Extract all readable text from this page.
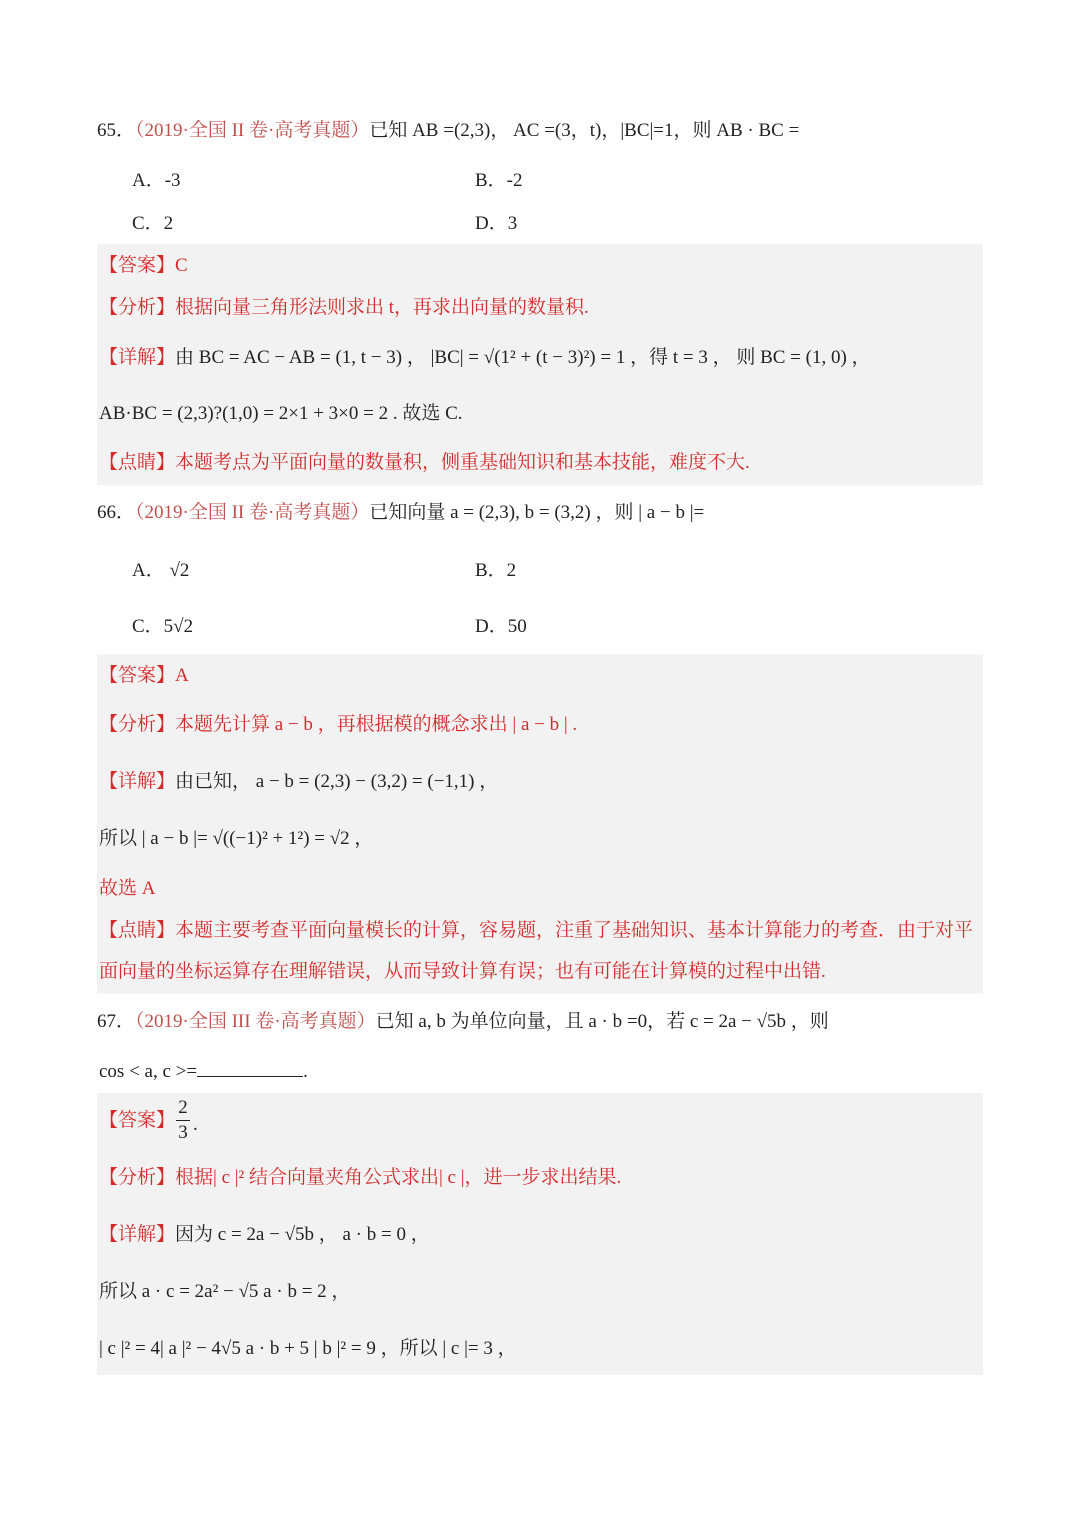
65．（2019·全国 II 卷·高考真题）已知 AB =(2,3)， AC =(3，t)，|BC|=1，则 AB · BC =
A．-3	B．-2
C．2	D．3
【答案】C
【分析】根据向量三角形法则求出 t，再求出向量的数量积.
【详解】由 BC = AC − AB = (1, t − 3) ， |BC| = √(1² + (t − 3)²) = 1 ，得 t = 3 ， 则 BC = (1, 0) ，
AB·BC = (2,3)?(1,0) = 2×1 + 3×0 = 2 . 故选 C.
【点睛】本题考点为平面向量的数量积，侧重基础知识和基本技能，难度不大.
66．（2019·全国 II 卷·高考真题）已知向量 a = (2,3), b = (3,2) ，则 | a − b |=
A． √2	B．2
C．5√2	D．50
【答案】A
【分析】本题先计算 a − b ，再根据模的概念求出 | a − b | .
【详解】由已知， a − b = (2,3) − (3,2) = (−1,1) ，
所以 | a − b |= √((−1)² + 1²) = √2 ，
故选 A
【点睛】本题主要考查平面向量模长的计算，容易题，注重了基础知识、基本计算能力的考查．由于对平
面向量的坐标运算存在理解错误，从而导致计算有误；也有可能在计算模的过程中出错.
67．（2019·全国 III 卷·高考真题）已知 a, b 为单位向量，且 a · b =0，若 c = 2a − √5b ，则
cos < a, c >=	.
【答案】
2
3 .
【分析】根据| c |² 结合向量夹角公式求出| c |，进一步求出结果.
【详解】因为 c = 2a − √5b ， a · b = 0 ，
所以 a · c = 2a² − √5 a · b = 2 ，
| c |² = 4| a |² − 4√5 a · b + 5 | b |² = 9 ，所以 | c |= 3 ，
